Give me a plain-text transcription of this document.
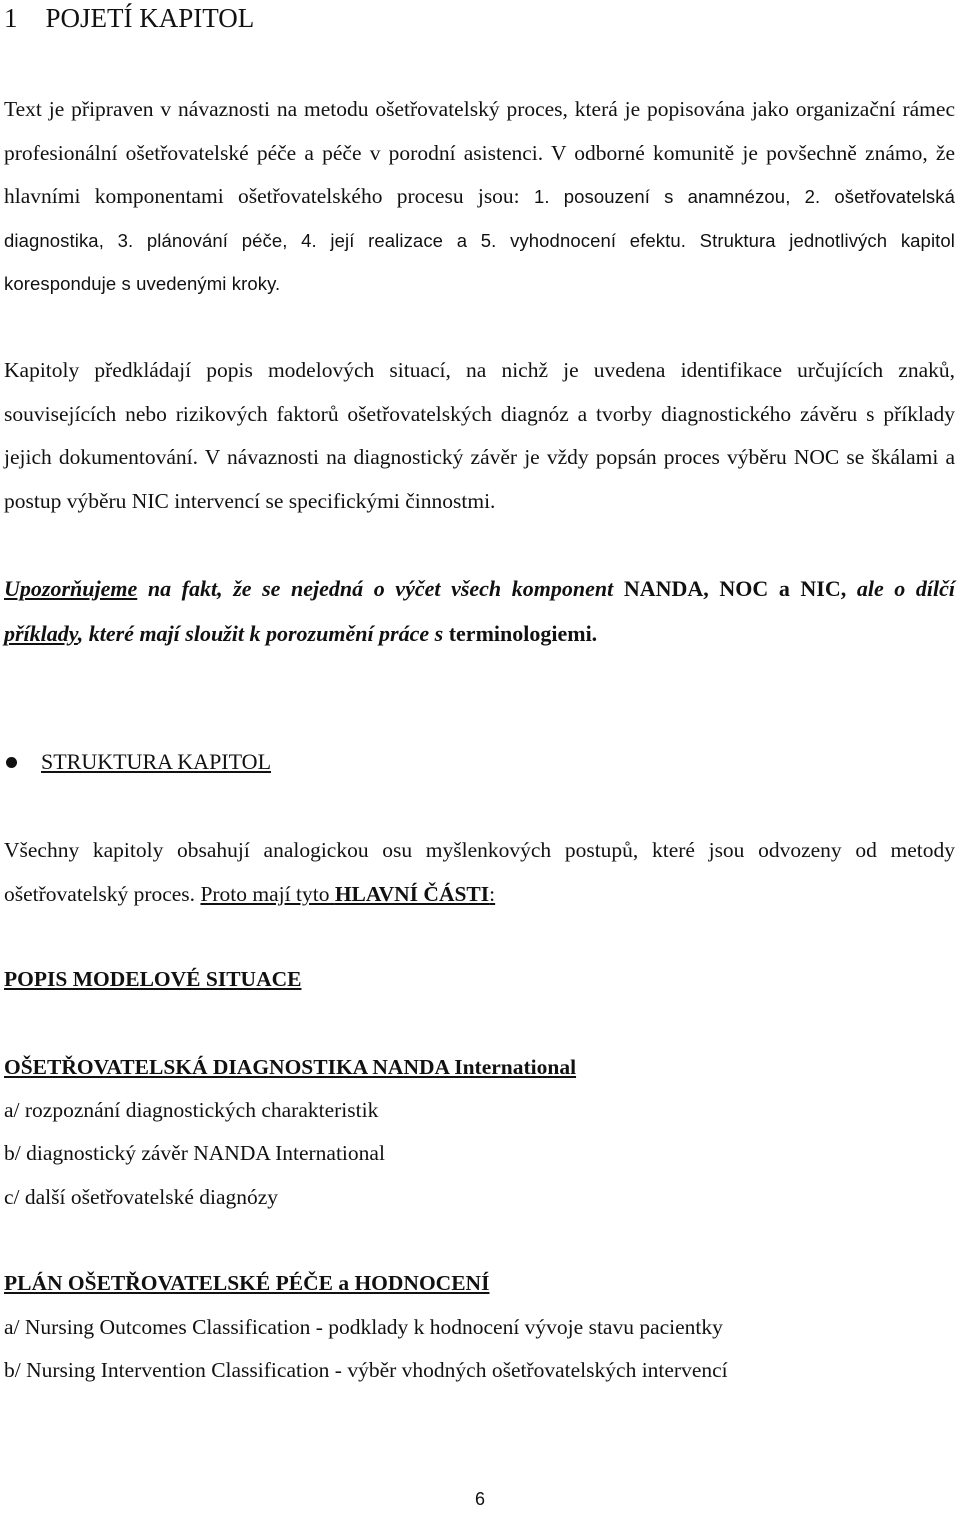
1 POJETÍ KAPITOL

Text je připraven v návaznosti na metodu ošetřovatelský proces, která je popisována jako organizační rámec profesionální ošetřovatelské péče a péče v porodní asistenci. V odborné komunitě je povšechně známo, že hlavními komponentami ošetřovatelského procesu jsou: 1. posouzení s anamnézou, 2. ošetřovatelská diagnostika, 3. plánování péče, 4. její realizace a 5. vyhodnocení efektu. Struktura jednotlivých kapitol koresponduje s uvedenými kroky.

Kapitoly předkládají popis modelových situací, na nichž je uvedena identifikace určujících znaků, souvisejících nebo rizikových faktorů ošetřovatelských diagnóz a tvorby diagnostického závěru s příklady jejich dokumentování. V návaznosti na diagnostický závěr je vždy popsán proces výběru NOC se škálami a postup výběru NIC intervencí se specifickými činnostmi.

Upozorňujeme na fakt, že se nejedná o výčet všech komponent NANDA, NOC a NIC, ale o dílčí příklady, které mají sloužit k porozumění práce s terminologiemi.

STRUKTURA KAPITOL

Všechny kapitoly obsahují analogickou osu myšlenkových postupů, které jsou odvozeny od metody ošetřovatelský proces. Proto mají tyto HLAVNÍ ČÁSTI:

POPIS MODELOVÉ SITUACE

OŠETŘOVATELSKÁ DIAGNOSTIKA NANDA International

a/ rozpoznání diagnostických charakteristik

b/ diagnostický závěr NANDA International

c/ další ošetřovatelské diagnózy

PLÁN OŠETŘOVATELSKÉ PÉČE a HODNOCENÍ

a/ Nursing Outcomes Classification - podklady k hodnocení vývoje stavu pacientky

b/ Nursing Intervention Classification - výběr vhodných ošetřovatelských intervencí

6
